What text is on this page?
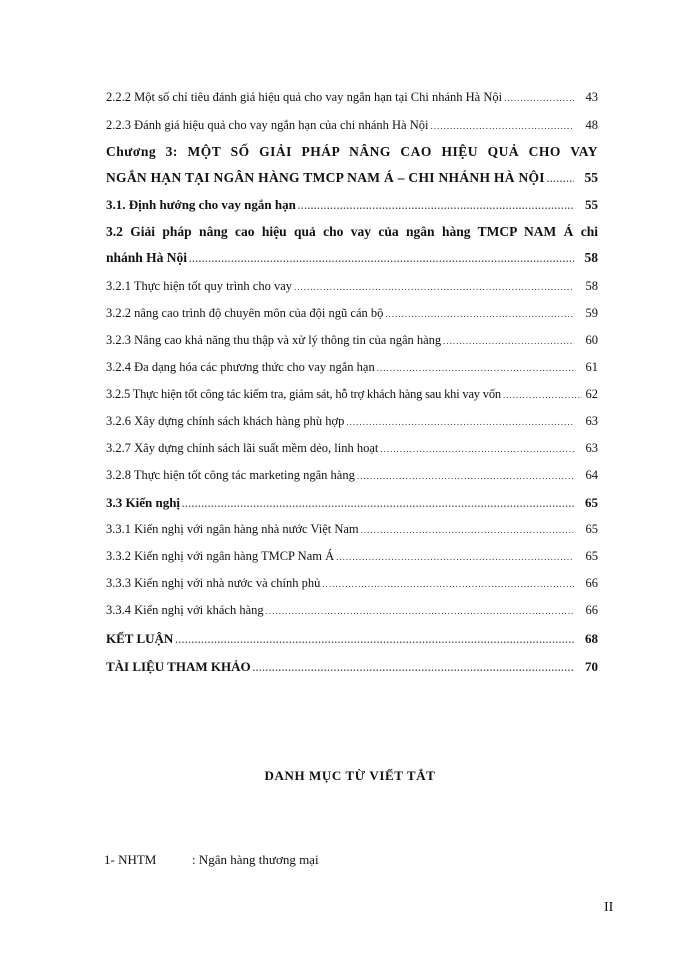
2.2.2 Một số chỉ tiêu đánh giá hiệu quả cho vay ngắn hạn tại Chi nhánh Hà Nội .....	43
2.2.3 Đánh giá hiệu quả cho vay ngắn hạn của chi nhánh Hà Nội .....	48
Chương 3: MỘT SỐ GIẢI PHÁP NÂNG CAO HIỆU QUẢ CHO VAY
NGẮN HẠN TẠI NGÂN HÀNG TMCP NAM Á – CHI NHÁNH HÀ NỘI .....	55
3.1. Định hướng cho vay ngắn hạn .....	55
3.2 Giải pháp nâng cao hiệu quả cho vay của ngân hàng TMCP NAM Á chi
nhánh Hà Nội .....	58
3.2.1 Thực hiện tốt quy trình cho vay .....	58
3.2.2 nâng cao trình độ chuyên môn của đội ngũ cán bộ .....	59
3.2.3 Nâng cao khả năng thu thập và xử lý thông tin của ngân hàng .....	60
3.2.4 Đa dạng hóa các phương thức cho vay ngắn hạn .....	61
3.2.5 Thực hiện tốt công tác kiểm tra, giám sát, hỗ trợ khách hàng sau khi vay vốn .....	62
3.2.6 Xây dựng chính sách khách hàng phù hợp .....	63
3.2.7 Xây dựng chính sách lãi suất mềm dẻo, linh hoạt .....	63
3.2.8 Thực hiện tốt công tác marketing ngân hàng .....	64
3.3 Kiến nghị .....	65
3.3.1 Kiến nghị với ngân hàng nhà nước Việt Nam .....	65
3.3.2 Kiến nghị với ngân hàng TMCP Nam Á .....	65
3.3.3 Kiến nghị với nhà nước và chính phủ .....	66
3.3.4 Kiến nghị với khách hàng .....	66
KẾT LUẬN .....	68
TÀI LIỆU THAM KHẢO .....	70
DANH MỤC TỪ VIẾT TẮT
1- NHTM	: Ngân hàng thương mại
II
